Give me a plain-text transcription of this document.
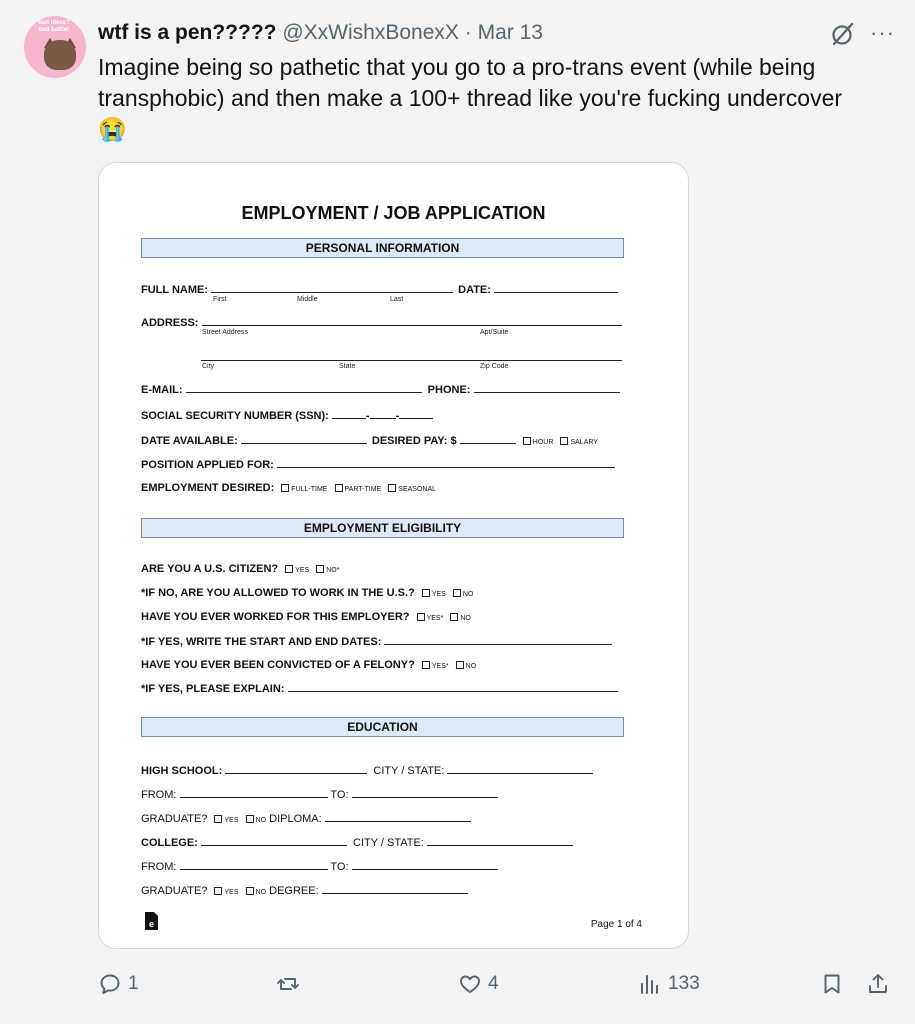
bad ideas? bad battle! wtf is a pen????? @XxWishxBonexX · Mar 13	···
Imagine being so pathetic that you go to a pro-trans event (while being transphobic) and then make a 100+ thread like you're fucking undercover
😭
EMPLOYMENT / JOB APPLICATION
PERSONAL INFORMATION
FULL NAME:	DATE:
First	Middle	Last
ADDRESS:
Street Address	Apt/Suite
City	State	Zip Code
E-MAIL:	PHONE:
SOCIAL SECURITY NUMBER (SSN):	- -
DATE AVAILABLE:	DESIRED PAY: $	HOUR SALARY
POSITION APPLIED FOR:
EMPLOYMENT DESIRED: FULL-TIME PART-TIME SEASONAL
EMPLOYMENT ELIGIBILITY
ARE YOU A U.S. CITIZEN? YES NO*
*IF NO, ARE YOU ALLOWED TO WORK IN THE U.S.? YES NO
HAVE YOU EVER WORKED FOR THIS EMPLOYER? YES* NO
*IF YES, WRITE THE START AND END DATES:
HAVE YOU EVER BEEN CONVICTED OF A FELONY? YES* NO
*IF YES, PLEASE EXPLAIN:
EDUCATION
HIGH SCHOOL:	CITY / STATE:
FROM:	TO:
GRADUATE? YES NO DIPLOMA:
COLLEGE:	CITY / STATE:
FROM:	TO:
GRADUATE? YES NO DEGREE:
e	Page 1 of 4
1	4	133
